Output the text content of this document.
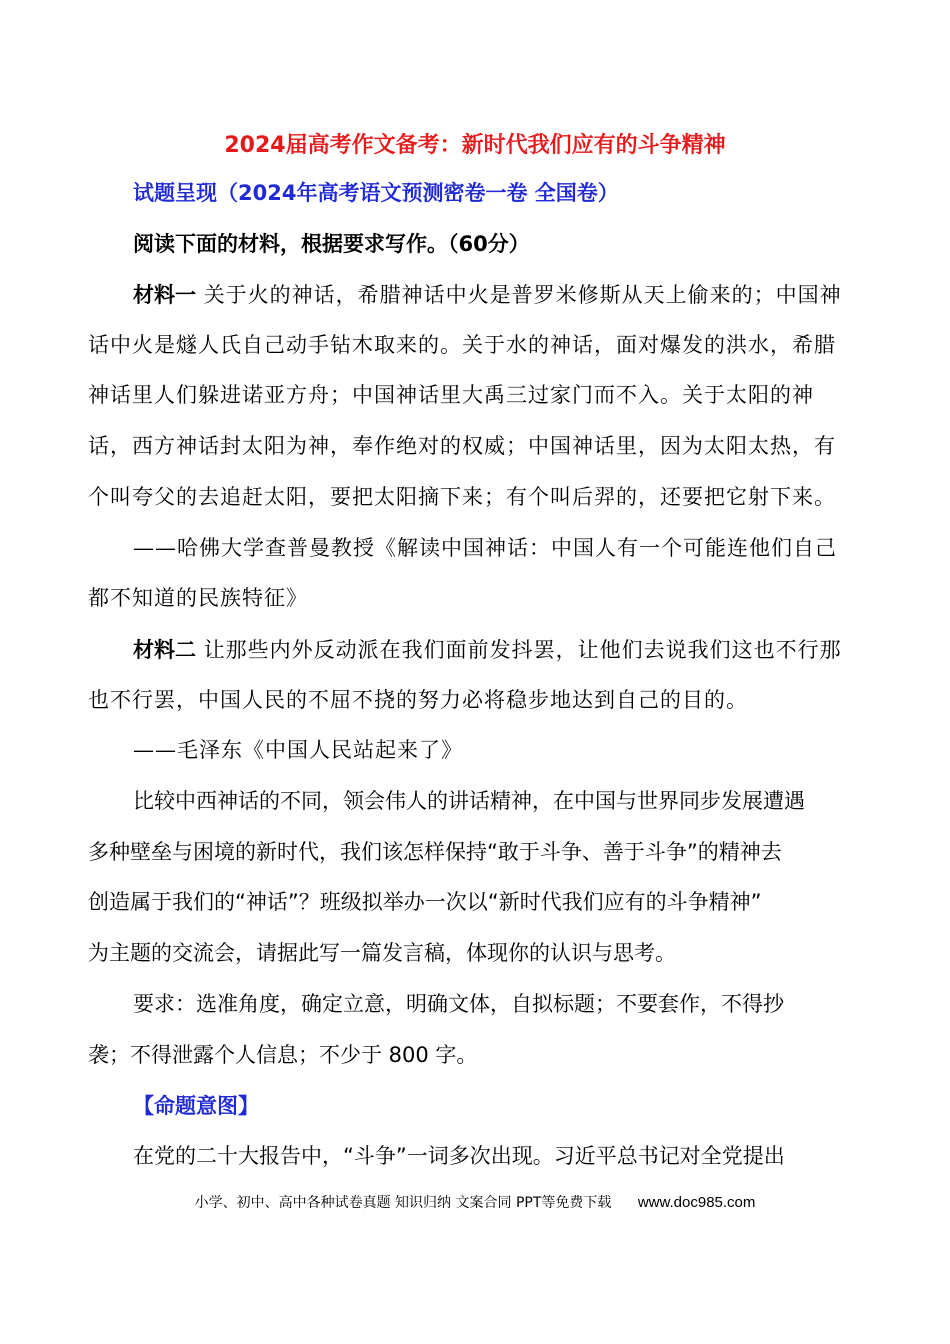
2024届高考作文备考：新时代我们应有的斗争精神
试题呈现（2024年高考语文预测密卷一卷 全国卷）
阅读下面的材料，根据要求写作。（60分）
材料一 关于火的神话，希腊神话中火是普罗米修斯从天上偷来的；中国神
话中火是燧人氏自己动手钻木取来的。关于水的神话，面对爆发的洪水，希腊
神话里人们躲进诺亚方舟；中国神话里大禹三过家门而不入。关于太阳的神
话，西方神话封太阳为神，奉作绝对的权威；中国神话里，因为太阳太热，有
个叫夸父的去追赶太阳，要把太阳摘下来；有个叫后羿的，还要把它射下来。
——哈佛大学查普曼教授《解读中国神话：中国人有一个可能连他们自己
都不知道的民族特征》
材料二 让那些内外反动派在我们面前发抖罢，让他们去说我们这也不行那
也不行罢，中国人民的不屈不挠的努力必将稳步地达到自己的目的。
——毛泽东《中国人民站起来了》
比较中西神话的不同，领会伟人的讲话精神，在中国与世界同步发展遭遇
多种壁垒与困境的新时代，我们该怎样保持“敢于斗争、善于斗争”的精神去
创造属于我们的“神话”？班级拟举办一次以“新时代我们应有的斗争精神”
为主题的交流会，请据此写一篇发言稿，体现你的认识与思考。
要求：选准角度，确定立意，明确文体，自拟标题；不要套作，不得抄
袭；不得泄露个人信息；不少于 800 字。
【命题意图】
在党的二十大报告中，“斗争”一词多次出现。习近平总书记对全党提出
小学、初中、高中各种试卷真题 知识归纳 文案合同 PPT等免费下载 www.doc985.com
